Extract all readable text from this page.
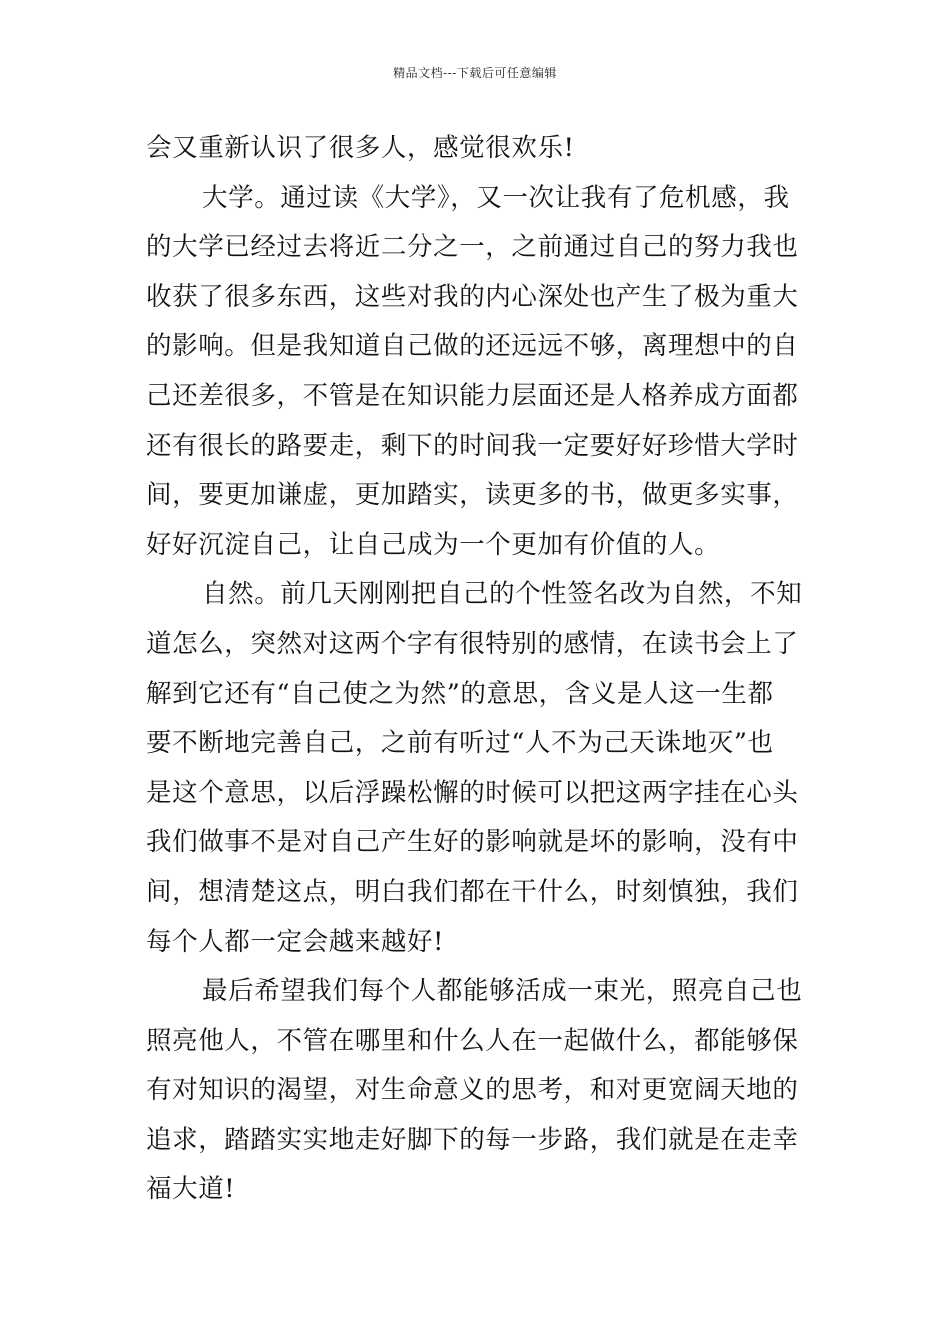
精品文档---下载后可任意编辑
会又重新认识了很多人，感觉很欢乐!
大学。通过读《大学》，又一次让我有了危机感，我
的大学已经过去将近二分之一，之前通过自己的努力我也
收获了很多东西，这些对我的内心深处也产生了极为重大
的影响。但是我知道自己做的还远远不够，离理想中的自
己还差很多，不管是在知识能力层面还是人格养成方面都
还有很长的路要走，剩下的时间我一定要好好珍惜大学时
间，要更加谦虚，更加踏实，读更多的书，做更多实事，
好好沉淀自己，让自己成为一个更加有价值的人。
自然。前几天刚刚把自己的个性签名改为自然，不知
道怎么，突然对这两个字有很特别的感情，在读书会上了
解到它还有“自己使之为然”的意思，含义是人这一生都
要不断地完善自己，之前有听过“人不为己天诛地灭”也
是这个意思，以后浮躁松懈的时候可以把这两字挂在心头
我们做事不是对自己产生好的影响就是坏的影响，没有中
间，想清楚这点，明白我们都在干什么，时刻慎独，我们
每个人都一定会越来越好!
最后希望我们每个人都能够活成一束光，照亮自己也
照亮他人，不管在哪里和什么人在一起做什么，都能够保
有对知识的渴望，对生命意义的思考，和对更宽阔天地的
追求，踏踏实实地走好脚下的每一步路，我们就是在走幸
福大道!
